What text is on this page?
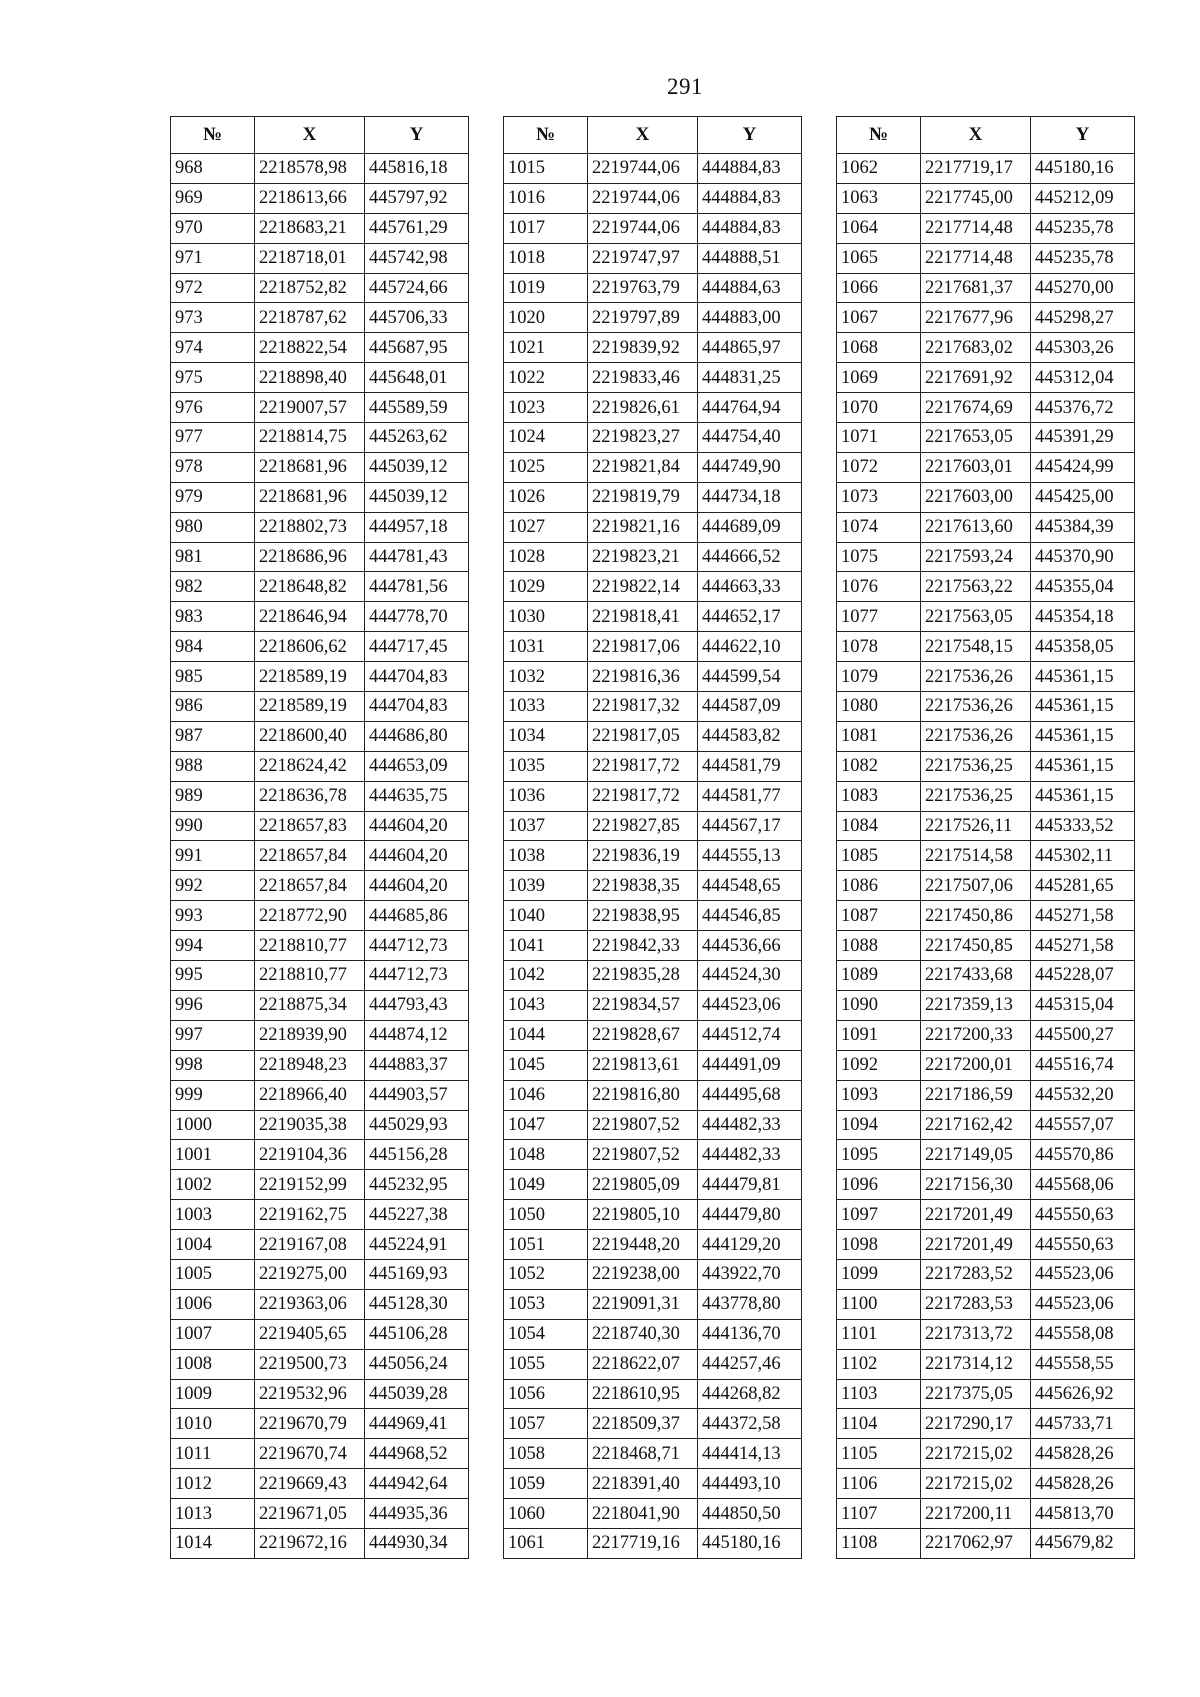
291
№	X	Y
968	2218578,98	445816,18
969	2218613,66	445797,92
970	2218683,21	445761,29
971	2218718,01	445742,98
972	2218752,82	445724,66
973	2218787,62	445706,33
974	2218822,54	445687,95
975	2218898,40	445648,01
976	2219007,57	445589,59
977	2218814,75	445263,62
978	2218681,96	445039,12
979	2218681,96	445039,12
980	2218802,73	444957,18
981	2218686,96	444781,43
982	2218648,82	444781,56
983	2218646,94	444778,70
984	2218606,62	444717,45
985	2218589,19	444704,83
986	2218589,19	444704,83
987	2218600,40	444686,80
988	2218624,42	444653,09
989	2218636,78	444635,75
990	2218657,83	444604,20
991	2218657,84	444604,20
992	2218657,84	444604,20
993	2218772,90	444685,86
994	2218810,77	444712,73
995	2218810,77	444712,73
996	2218875,34	444793,43
997	2218939,90	444874,12
998	2218948,23	444883,37
999	2218966,40	444903,57
1000	2219035,38	445029,93
1001	2219104,36	445156,28
1002	2219152,99	445232,95
1003	2219162,75	445227,38
1004	2219167,08	445224,91
1005	2219275,00	445169,93
1006	2219363,06	445128,30
1007	2219405,65	445106,28
1008	2219500,73	445056,24
1009	2219532,96	445039,28
1010	2219670,79	444969,41
1011	2219670,74	444968,52
1012	2219669,43	444942,64
1013	2219671,05	444935,36
1014	2219672,16	444930,34
№	X	Y
1015	2219744,06	444884,83
1016	2219744,06	444884,83
1017	2219744,06	444884,83
1018	2219747,97	444888,51
1019	2219763,79	444884,63
1020	2219797,89	444883,00
1021	2219839,92	444865,97
1022	2219833,46	444831,25
1023	2219826,61	444764,94
1024	2219823,27	444754,40
1025	2219821,84	444749,90
1026	2219819,79	444734,18
1027	2219821,16	444689,09
1028	2219823,21	444666,52
1029	2219822,14	444663,33
1030	2219818,41	444652,17
1031	2219817,06	444622,10
1032	2219816,36	444599,54
1033	2219817,32	444587,09
1034	2219817,05	444583,82
1035	2219817,72	444581,79
1036	2219817,72	444581,77
1037	2219827,85	444567,17
1038	2219836,19	444555,13
1039	2219838,35	444548,65
1040	2219838,95	444546,85
1041	2219842,33	444536,66
1042	2219835,28	444524,30
1043	2219834,57	444523,06
1044	2219828,67	444512,74
1045	2219813,61	444491,09
1046	2219816,80	444495,68
1047	2219807,52	444482,33
1048	2219807,52	444482,33
1049	2219805,09	444479,81
1050	2219805,10	444479,80
1051	2219448,20	444129,20
1052	2219238,00	443922,70
1053	2219091,31	443778,80
1054	2218740,30	444136,70
1055	2218622,07	444257,46
1056	2218610,95	444268,82
1057	2218509,37	444372,58
1058	2218468,71	444414,13
1059	2218391,40	444493,10
1060	2218041,90	444850,50
1061	2217719,16	445180,16
№	X	Y
1062	2217719,17	445180,16
1063	2217745,00	445212,09
1064	2217714,48	445235,78
1065	2217714,48	445235,78
1066	2217681,37	445270,00
1067	2217677,96	445298,27
1068	2217683,02	445303,26
1069	2217691,92	445312,04
1070	2217674,69	445376,72
1071	2217653,05	445391,29
1072	2217603,01	445424,99
1073	2217603,00	445425,00
1074	2217613,60	445384,39
1075	2217593,24	445370,90
1076	2217563,22	445355,04
1077	2217563,05	445354,18
1078	2217548,15	445358,05
1079	2217536,26	445361,15
1080	2217536,26	445361,15
1081	2217536,26	445361,15
1082	2217536,25	445361,15
1083	2217536,25	445361,15
1084	2217526,11	445333,52
1085	2217514,58	445302,11
1086	2217507,06	445281,65
1087	2217450,86	445271,58
1088	2217450,85	445271,58
1089	2217433,68	445228,07
1090	2217359,13	445315,04
1091	2217200,33	445500,27
1092	2217200,01	445516,74
1093	2217186,59	445532,20
1094	2217162,42	445557,07
1095	2217149,05	445570,86
1096	2217156,30	445568,06
1097	2217201,49	445550,63
1098	2217201,49	445550,63
1099	2217283,52	445523,06
1100	2217283,53	445523,06
1101	2217313,72	445558,08
1102	2217314,12	445558,55
1103	2217375,05	445626,92
1104	2217290,17	445733,71
1105	2217215,02	445828,26
1106	2217215,02	445828,26
1107	2217200,11	445813,70
1108	2217062,97	445679,82
